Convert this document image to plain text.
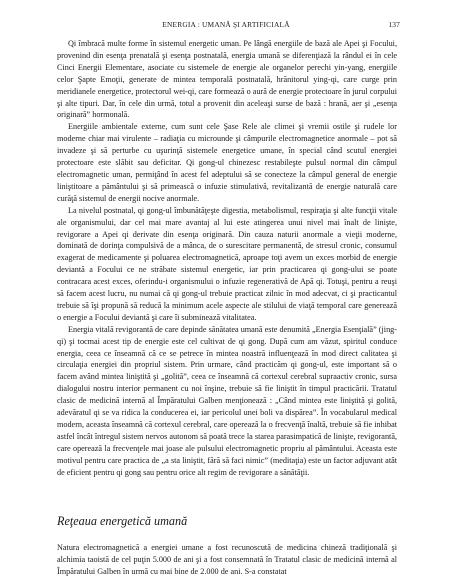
ENERGIA : UMANĂ ŞI ARTIFICIALĂ	137

Qi îmbracă multe forme în sistemul energetic uman. Pe lângă energiile de bază ale Apei şi Focului, provenind din esenţa prenatală şi esenţa postnatală, energia umană se diferenţiază la rândul ei în cele Cinci Energii Elementare, asociate cu sistemele de energie ale organelor perechi yin-yang, energiile celor Şapte Emoţii, generate de mintea temporală postnatală, hrănitorul ying-qi, care curge prin meridianele energetice, protectorul wei-qi, care formează o aură de energie protectoare în jurul corpului şi alte tipuri. Dar, în cele din urmă, totul a provenit din aceleaşi surse de bază : hrană, aer şi „esenţa originară” hormonală.

Energiile ambientale externe, cum sunt cele Şase Rele ale climei şi vremii ostile şi rudele lor moderne chiar mai virulente – radiaţia cu microunde şi câmpurile electromagnetice anormale – pot să invadeze şi să perturbe cu uşurinţă sistemele energetice umane, în special când scutul energiei protectoare este slăbit sau deficitar. Qi gong-ul chinezesc restabileşte pulsul normal din câmpul electromagnetic uman, permiţând în acest fel adeptului să se conecteze la câmpul general de energie liniştitoare a pământului şi să primească o infuzie stimulativă, revitalizantă de energie naturală care curăţă sistemul de energii nocive anormale.

La nivelul postnatal, qi gong-ul îmbunătăţeşte digestia, metabolismul, respiraţia şi alte funcţii vitale ale organismului, dar cel mai mare avantaj al lui este atingerea unui nivel mai înalt de linişte, revigorare a Apei qi derivate din esenţa originară. Din cauza naturii anormale a vieţii moderne, dominată de dorinţa compulsivă de a mânca, de o surescitare permanentă, de stresul cronic, consumul exagerat de medicamente şi poluarea electromagnetică, aproape toţi avem un exces morbid de energie deviantă a Focului ce ne străbate sistemul energetic, iar prin practicarea qi gong-ului se poate contracara acest exces, oferindu-i organismului o infuzie regenerativă de Apă qi. Totuşi, pentru a reuşi să facem acest lucru, nu numai că qi gong-ul trebuie practicat zilnic în mod adecvat, ci şi practicantul trebuie să îşi propună să reducă la minimum acele aspecte ale stilului de viaţă temporal care generează o energie a Focului deviantă şi care îi subminează vitalitatea.

Energia vitală revigorantă de care depinde sănătatea umană este denumită „Energia Esenţială” (jing-qi) şi tocmai acest tip de energie este cel cultivat de qi gong. După cum am văzut, spiritul conduce energia, ceea ce înseamnă că ce se petrece în mintea noastră influenţează în mod direct calitatea şi circulaţia energiei din propriul sistem. Prin urmare, când practicăm qi gong-ul, este important să o facem având mintea liniştită şi „golită”, ceea ce înseamnă că cortexul cerebral supraactiv cronic, sursa dialogului nostru interior permanent cu noi înşine, trebuie să fie liniştit în timpul practicării. Tratatul clasic de medicină internă al Împăratului Galben menţionează : „Când mintea este liniştită şi golită, adevăratul qi se va ridica la conducerea ei, iar pericolul unei boli va dispărea”. În vocabularul medical modern, aceasta înseamnă că cortexul cerebral, care operează la o frecvenţă înaltă, trebuie să fie inhibat astfel încât întregul sistem nervos autonom să poată trece la starea parasimpatică de linişte, revigorantă, care operează la frecvenţele mai joase ale pulsului electromagnetic propriu al pământului. Aceasta este motivul pentru care practica de „a sta liniştit, fără să faci nimic” (meditaţia) este un factor adjuvant atât de eficient pentru qi gong sau pentru orice alt regim de revigorare a sănătăţii.

Reţeaua energetică umană

Natura electromagnetică a energiei umane a fost recunoscută de medicina chineză tradiţională şi alchimia taoistă de cel puţin 5.000 de ani şi a fost consemnată în Tratatul clasic de medicină internă al Împăratului Galben în urmă cu mai bine de 2.000 de ani. S-a constatat
